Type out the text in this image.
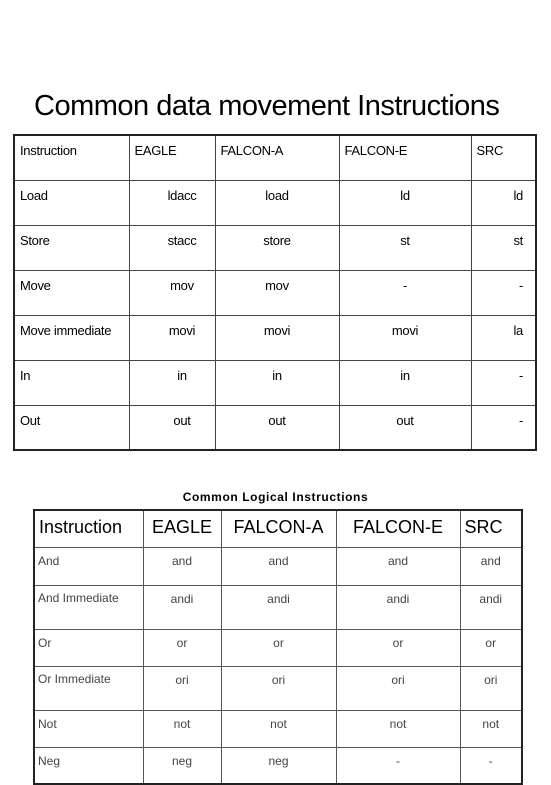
Common data movement Instructions
Instruction	EAGLE	FALCON-A	FALCON-E	SRC
Load	ldacc	load	ld	ld
Store	stacc	store	st	st
Move	mov	mov	-	-
Move immediate	movi	movi	movi	la
In	in	in	in	-
Out	out	out	out	-
Common Logical Instructions
Instruction	EAGLE	FALCON-A	FALCON-E	SRC
And	and	and	and	and
And Immediate	andi	andi	andi	andi
Or	or	or	or	or
Or Immediate	ori	ori	ori	ori
Not	not	not	not	not
Neg	neg	neg	-	-
